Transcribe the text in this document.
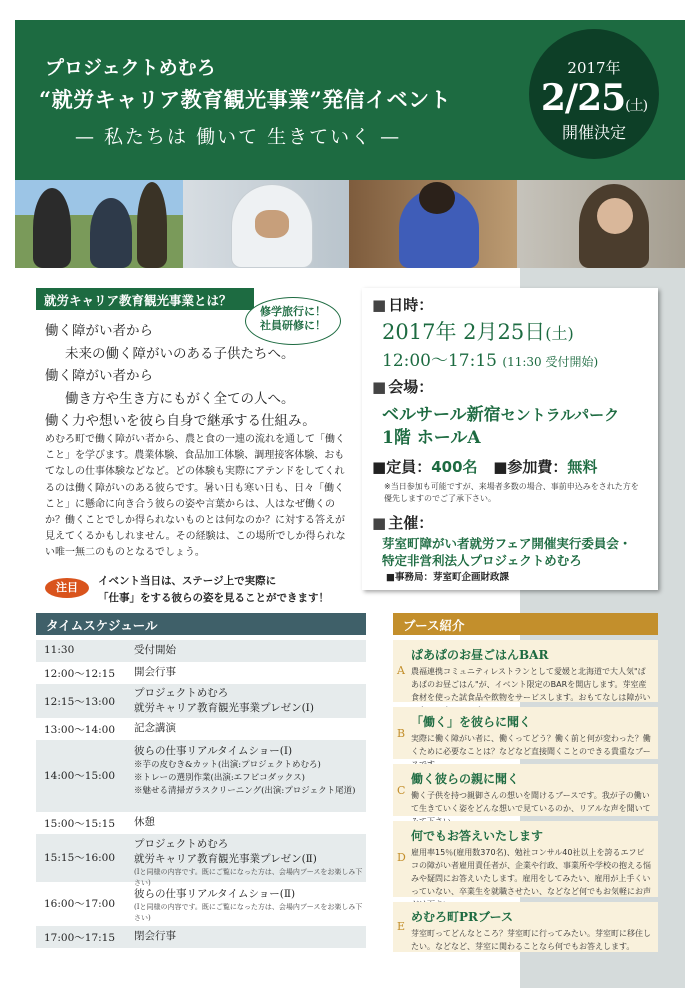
プロジェクトめむろ
“就労キャリア教育観光事業”発信イベント
— 私たちは 働いて 生きていく —
2017年
2/25(土)
開催決定
就労キャリア教育観光事業とは？
修学旅行に！
社員研修に！
働く障がい者から
未来の働く障がいのある子供たちへ。
働く障がい者から
働き方や生き方にもがく全ての人へ。
働く力や想いを彼ら自身で継承する仕組み。
めむろ町で働く障がい者から、農と食の一連の流れを通して「働くこと」を学びます。農業体験、食品加工体験、調理接客体験、おもてなしの仕事体験などなど。どの体験も実際にアテンドをしてくれるのは働く障がいのある彼らです。暑い日も寒い日も、日々「働くこと」に懸命に向き合う彼らの姿や言葉からは、人はなぜ働くのか？働くことでしか得られないものとは何なのか？に対する答えが見えてくるかもしれません。その経験は、この場所でしか得られない唯一無二のものとなるでしょう。
注目	イベント当日は、ステージ上で実際に
「仕事」をする彼らの姿を見ることができます！
■ 日時：
2017年 2月25日(土)
12:00〜17:15 (11:30 受付開始)
■ 会場：
ベルサール新宿セントラルパーク
1階 ホールA
■定員：400名 ■参加費：無料
※当日参加も可能ですが、来場者多数の場合、事前申込みをされた方を優先しますのでご了承下さい。
■ 主催：
芽室町障がい者就労フェア開催実行委員会・
特定非営利法人プロジェクトめむろ
■事務局：芽室町企画財政課
タイムスケジュール
11:30	受付開始
12:00〜12:15 開会行事
12:15〜13:00
プロジェクトめむろ
就労キャリア教育観光事業プレゼン(Ⅰ)
13:00〜14:00 記念講演
14:00〜15:00
彼らの仕事リアルタイムショー(Ⅰ)
※芋の皮むき&カット(出演:プロジェクトめむろ)
※トレーの選別作業(出演:エフピコダックス)
※魅せる清掃ガラスクリーニング(出演:プロジェクト尾道)
15:00〜15:15 休憩
15:15〜16:00
プロジェクトめむろ
就労キャリア教育観光事業プレゼン(Ⅱ)
(Ⅰと同様の内容です。既にご覧になった方は、会場内ブースをお楽しみ下さい)
16:00〜17:00
彼らの仕事リアルタイムショー(Ⅱ)
(Ⅰと同様の内容です。既にご覧になった方は、会場内ブースをお楽しみ下さい)
17:00〜17:15 閉会行事
ブース紹介
A
ぱあぱのお昼ごはんBAR
農福連携コミュニティレストランとして愛媛と北海道で大人気"ぱあぱのお昼ごはん"が、イベント限定のBARを開店します。芽室産食材を使った試食品や飲物をサービスします。おもてなしは障がい
B
「働く」を彼らに聞く
実際に働く障がい者に、働くってどう？働く前と何が変わった？働くために必要なことは？などなど直接聞くことのできる貴重なブー
C
働く彼らの親に聞く
働く子供を持つ親御さんの想いを聞けるブースです。我が子の働いて生きていく姿をどんな想いで見ているのか、リアルな声を聞いて
D
何でもお答えいたします
雇用率15％(雇用数370名)、勉社コンサル40社以上を誇るエフピコの障がい者雇用責任者が、企業や行政、事業所や学校の抱える悩みや疑問にお答えいたします。雇用をしてみたい、雇用が上手くいっていない、卒業生を就職させたい、などなど何でもお気軽にお声
E
めむろ町PRブース
芽室町ってどんなところ？芽室町に行ってみたい。芽室町に移住したい。などなど、芽室に関わることなら何でもお答えします。
